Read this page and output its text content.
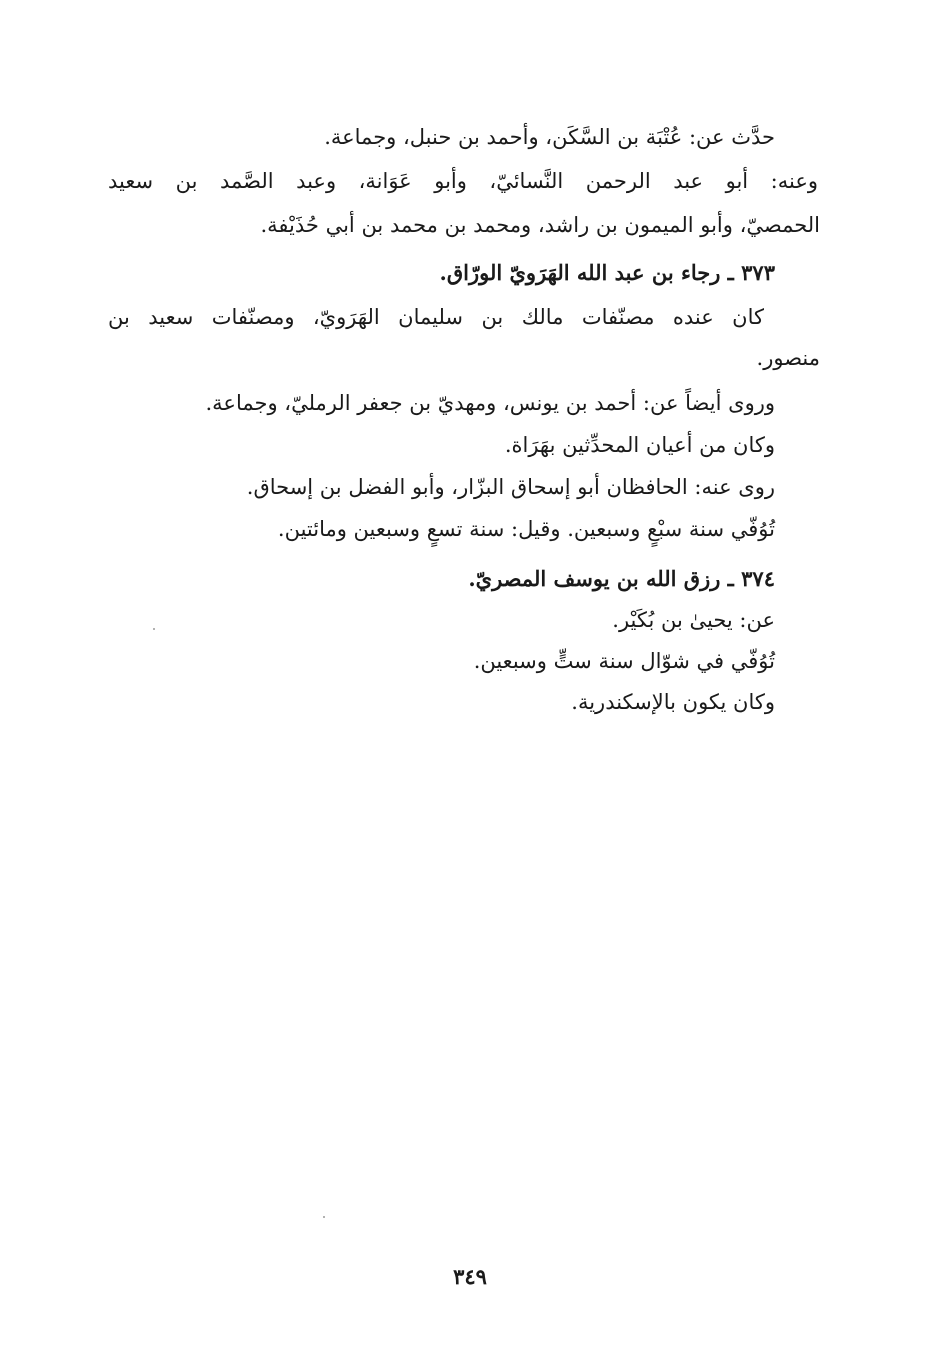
حدَّث عن: عُتْبَة بن السَّكَن، وأحمد بن حنبل، وجماعة.
وعنه: أبو عبد الرحمن النَّسائيّ، وأبو عَوَانة، وعبد الصَّمد بن سعيد
الحمصيّ، وأبو الميمون بن راشد، ومحمد بن محمد بن أبي حُذَيْفة.
٣٧٣ ـ رجاء بن عبد الله الهَرَويّ الورّاق.
كان عنده مصنّفات مالك بن سليمان الهَرَويّ، ومصنّفات سعيد بن
منصور.
وروى أيضاً عن: أحمد بن يونس، ومهديّ بن جعفر الرمليّ، وجماعة.
وكان من أعيان المحدِّثين بهَرَاة.
روى عنه: الحافظان أبو إسحاق البزّار، وأبو الفضل بن إسحاق.
تُوُفّي سنة سبْعٍ وسبعين. وقيل: سنة تسعٍ وسبعين ومائتين.
٣٧٤ ـ رزق الله بن يوسف المصريّ.
عن: يحيىٰ بن بُكَيْر.
تُوُفّي في شوّال سنة ستٍّ وسبعين.
وكان يكون بالإسكندرية.
٣٤٩
